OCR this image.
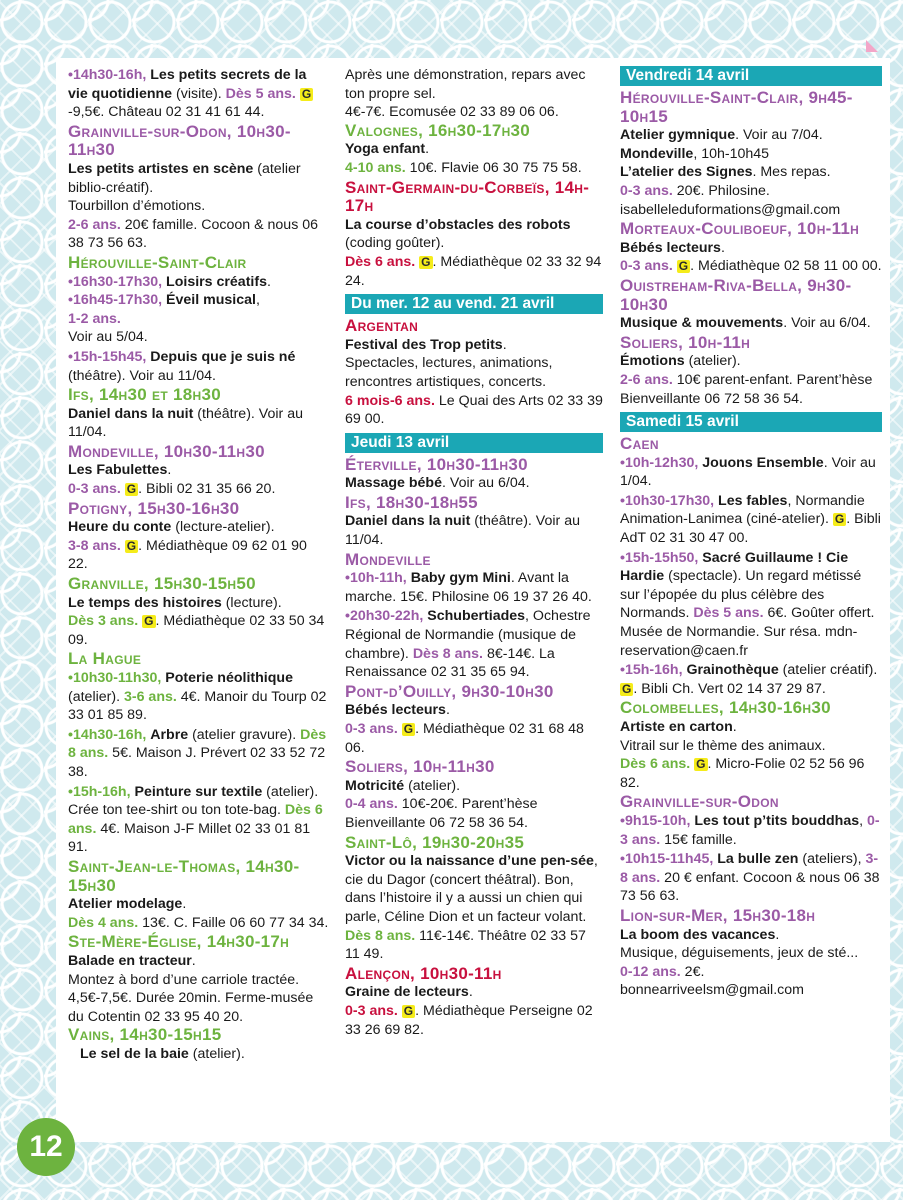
•14h30-16h, Les petits secrets de la vie quotidienne (visite). Dès 5 ans. G-9,5€. Château 02 31 41 61 44.

Grainville-sur-Odon, 10h30-11h30

Les petits artistes en scène (atelier biblio-créatif).

Tourbillon d’émotions.

2-6 ans. 20€ famille. Cocoon & nous 06 38 73 56 63.

Hérouville-Saint-Clair

•16h30-17h30, Loisirs créatifs.

•16h45-17h30, Éveil musical,

1-2 ans.

Voir au 5/04.

•15h-15h45, Depuis que je suis né (théâtre). Voir au 11/04.

Ifs, 14h30 et 18h30

Daniel dans la nuit (théâtre). Voir au 11/04.

Mondeville, 10h30-11h30

Les Fabulettes.

0-3 ans. G . Bibli 02 31 35 66 20.

Potigny, 15h30-16h30

Heure du conte (lecture-atelier).

3-8 ans. G . Médiathèque 09 62 01 90 22.

Granville, 15h30-15h50

Le temps des histoires (lecture).

Dès 3 ans. G . Médiathèque 02 33 50 34 09.

La Hague

•10h30-11h30, Poterie néolithique (atelier). 3-6 ans. 4€. Manoir du Tourp 02 33 01 85 89.

•14h30-16h, Arbre (atelier gravure). Dès 8 ans. 5€. Maison J. Prévert 02 33 52 72 38.

•15h-16h, Peinture sur textile (atelier). Crée ton tee-shirt ou ton tote-bag. Dès 6 ans. 4€. Maison J-F Millet 02 33 01 81 91.

Saint-Jean-le-Thomas, 14h30-15h30

Atelier modelage.

Dès 4 ans. 13€. C. Faille 06 60 77 34 34.

Ste-Mère-Église, 14h30-17h

Balade en tracteur.

Montez à bord d’une carriole tractée. 4,5€-7,5€. Durée 20min. Ferme-musée du Cotentin 02 33 95 40 20.

Vains, 14h30-15h15

Le sel de la baie (atelier).

Après une démonstration, repars avec ton propre sel.

4€-7€. Ecomusée 02 33 89 06 06.

Valognes, 16h30-17h30

Yoga enfant.

4-10 ans. 10€. Flavie 06 30 75 75 58.

Saint-Germain-du-Corbeïs, 14h-17h

La course d’obstacles des robots (coding goûter).

Dès 6 ans. G . Médiathèque 02 33 32 94 24.

Du mer. 12 au vend. 21 avril

Argentan

Festival des Trop petits.

Spectacles, lectures, animations, rencontres artistiques, concerts.

6 mois-6 ans. Le Quai des Arts 02 33 39 69 00.

Jeudi 13 avril

Éterville, 10h30-11h30

Massage bébé. Voir au 6/04.

Ifs, 18h30-18h55

Daniel dans la nuit (théâtre). Voir au 11/04.

Mondeville

•10h-11h, Baby gym Mini. Avant la marche. 15€. Philosine 06 19 37 26 40.

•20h30-22h, Schubertiades, Ochestre Régional de Normandie (musique de chambre). Dès 8 ans. 8€-14€. La Renaissance 02 31 35 65 94.

Pont-d’Ouilly, 9h30-10h30

Bébés lecteurs.

0-3 ans. G . Médiathèque 02 31 68 48 06.

Soliers, 10h-11h30

Motricité (atelier).

0-4 ans. 10€-20€. Parent’hèse Bienveillante 06 72 58 36 54.

Saint-Lô, 19h30-20h35

Victor ou la naissance d’une pen-sée, cie du Dagor (concert théâtral). Bon, dans l’histoire il y a aussi un chien qui parle, Céline Dion et un facteur volant.

Dès 8 ans. 11€-14€. Théâtre 02 33 57 11 49.

Alençon, 10h30-11h

Graine de lecteurs.

0-3 ans. G . Médiathèque Perseigne 02 33 26 69 82.

Vendredi 14 avril

Hérouville-Saint-Clair, 9h45-10h15

Atelier gymnique. Voir au 7/04.

Mondeville, 10h-10h45

L’atelier des Signes. Mes repas.

0-3 ans. 20€. Philosine.

isabelleleduformations@gmail.com

Morteaux-Couliboeuf, 10h-11h

Bébés lecteurs.

0-3 ans. G . Médiathèque 02 58 11 00 00.

Ouistreham-Riva-Bella, 9h30-10h30

Musique & mouvements. Voir au 6/04.

Soliers, 10h-11h

Émotions (atelier).

2-6 ans. 10€ parent-enfant. Parent’hèse Bienveillante 06 72 58 36 54.

Samedi 15 avril

Caen

•10h-12h30, Jouons Ensemble. Voir au 1/04.

•10h30-17h30, Les fables, Normandie Animation-Lanimea (ciné-atelier). G . Bibli AdT 02 31 30 47 00.

•15h-15h50, Sacré Guillaume ! Cie Hardie (spectacle). Un regard métissé sur l’épopée du plus célèbre des Normands. Dès 5 ans. 6€. Goûter offert. Musée de Normandie. Sur résa. mdn-reservation@caen.fr

•15h-16h, Grainothèque (atelier créatif). G . Bibli Ch. Vert 02 14 37 29 87.

Colombelles, 14h30-16h30

Artiste en carton.

Vitrail sur le thème des animaux.

Dès 6 ans. G . Micro-Folie 02 52 56 96 82.

Grainville-sur-Odon

•9h15-10h, Les tout p’tits bouddhas, 0-3 ans. 15€ famille.

•10h15-11h45, La bulle zen (ateliers), 3-8 ans. 20 € enfant. Cocoon & nous 06 38 73 56 63.

Lion-sur-Mer, 15h30-18h

La boom des vacances.

Musique, déguisements, jeux de sté...

0-12 ans. 2€.

bonnearriveelsm@gmail.com

12
